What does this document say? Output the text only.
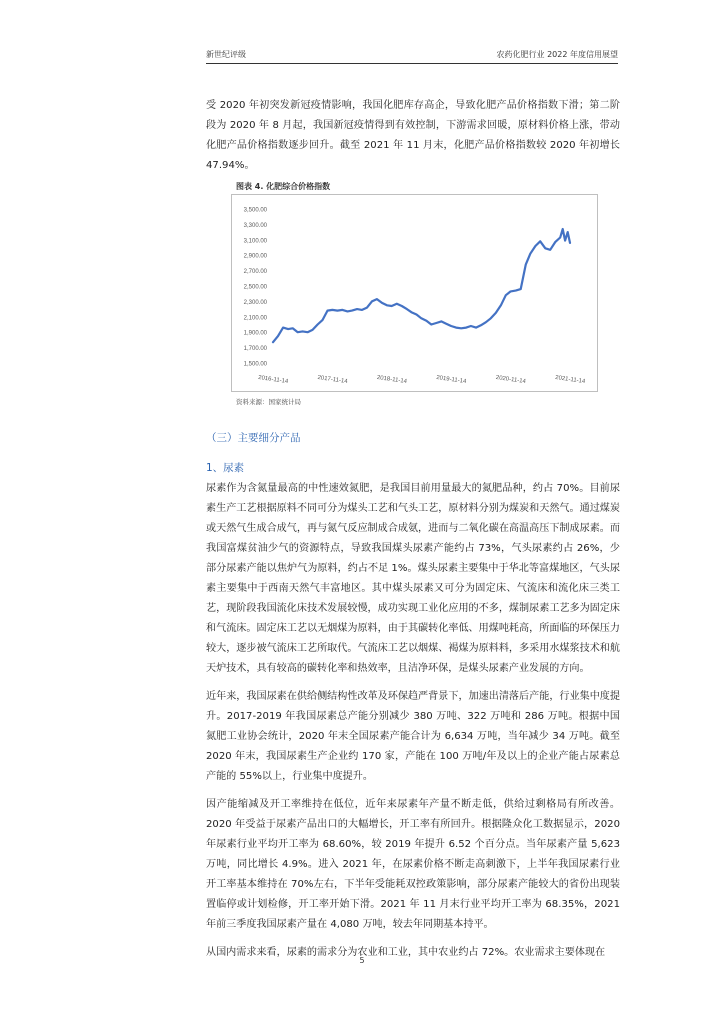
新世纪评级	农药化肥行业 2022 年度信用展望

受 2020 年初突发新冠疫情影响，我国化肥库存高企，导致化肥产品价格指数下滑；第二阶段为 2020 年 8 月起，我国新冠疫情得到有效控制，下游需求回暖，原材料价格上涨，带动化肥产品价格指数逐步回升。截至 2021 年 11 月末，化肥产品价格指数较 2020 年初增长 47.94%。

图表 4. 化肥综合价格指数
1,500.00
1,700.00
1,900.00
2,100.00
2,300.00
2,500.00
2,700.00
2,900.00
3,100.00
3,300.00
3,500.00
2016-11-14	2017-11-14	2018-11-14	2019-11-14	2020-11-14	2021-11-14
资料来源：国家统计局
（三）主要细分产品
1、尿素

尿素作为含氮量最高的中性速效氮肥，是我国目前用量最大的氮肥品种，约占 70%。目前尿素生产工艺根据原料不同可分为煤头工艺和气头工艺，原材料分别为煤炭和天然气。通过煤炭或天然气生成合成气，再与氮气反应制成合成氨，进而与二氧化碳在高温高压下制成尿素。而我国富煤贫油少气的资源特点，导致我国煤头尿素产能约占 73%，气头尿素约占 26%，少部分尿素产能以焦炉气为原料，约占不足 1%。煤头尿素主要集中于华北等富煤地区，气头尿素主要集中于西南天然气丰富地区。其中煤头尿素又可分为固定床、气流床和流化床三类工艺，现阶段我国流化床技术发展较慢，成功实现工业化应用的不多，煤制尿素工艺多为固定床和气流床。固定床工艺以无烟煤为原料，由于其碳转化率低、用煤吨耗高，所面临的环保压力较大，逐步被气流床工艺所取代。气流床工艺以烟煤、褐煤为原料料，多采用水煤浆技术和航天炉技术，具有较高的碳转化率和热效率，且洁净环保，是煤头尿素产业发展的方向。

近年来，我国尿素在供给侧结构性改革及环保趋严背景下，加速出清落后产能，行业集中度提升。2017-2019 年我国尿素总产能分别减少 380 万吨、322 万吨和 286 万吨。根据中国氮肥工业协会统计，2020 年末全国尿素产能合计为 6,634 万吨，当年减少 34 万吨。截至 2020 年末，我国尿素生产企业约 170 家，产能在 100 万吨/年及以上的企业产能占尿素总产能的 55%以上，行业集中度提升。

因产能缩减及开工率维持在低位，近年来尿素年产量不断走低，供给过剩格局有所改善。2020 年受益于尿素产品出口的大幅增长，开工率有所回升。根据隆众化工数据显示，2020 年尿素行业平均开工率为 68.60%，较 2019 年提升 6.52 个百分点。当年尿素产量 5,623 万吨，同比增长 4.9%。进入 2021 年，在尿素价格不断走高刺激下，上半年我国尿素行业开工率基本维持在 70%左右，下半年受能耗双控政策影响，部分尿素产能较大的省份出现装置临停或计划检修，开工率开始下滑。2021 年 11 月末行业平均开工率为 68.35%，2021 年前三季度我国尿素产量在 4,080 万吨，较去年同期基本持平。

从国内需求来看，尿素的需求分为农业和工业，其中农业约占 72%。农业需求主要体现在

5
